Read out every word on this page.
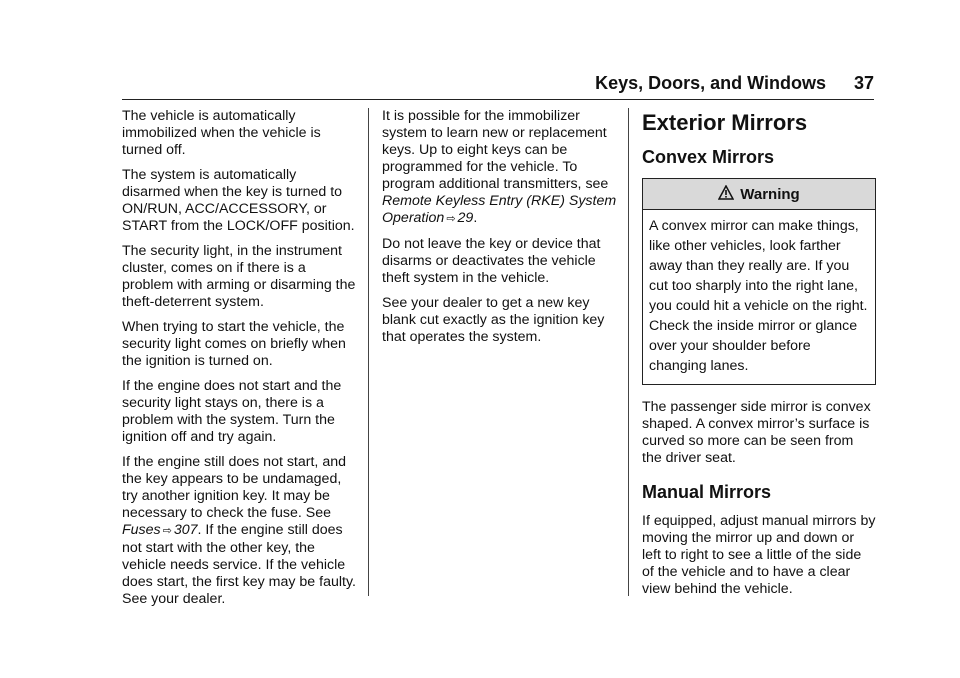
Keys, Doors, and Windows 37

The vehicle is automatically immobilized when the vehicle is turned off.

The system is automatically disarmed when the key is turned to ON/RUN, ACC/ACCESSORY, or START from the LOCK/OFF position.

The security light, in the instrument cluster, comes on if there is a problem with arming or disarming the theft-deterrent system.

When trying to start the vehicle, the security light comes on briefly when the ignition is turned on.

If the engine does not start and the security light stays on, there is a problem with the system. Turn the ignition off and try again.

If the engine still does not start, and the key appears to be undamaged, try another ignition key. It may be necessary to check the fuse. See Fuses ⇨ 307. If the engine still does not start with the other key, the vehicle needs service. If the vehicle does start, the first key may be faulty. See your dealer.

It is possible for the immobilizer system to learn new or replacement keys. Up to eight keys can be programmed for the vehicle. To program additional transmitters, see Remote Keyless Entry (RKE) System Operation ⇨ 29.

Do not leave the key or device that disarms or deactivates the vehicle theft system in the vehicle.

See your dealer to get a new key blank cut exactly as the ignition key that operates the system.

Exterior Mirrors
Convex Mirrors
Warning
A convex mirror can make things, like other vehicles, look farther away than they really are. If you cut too sharply into the right lane, you could hit a vehicle on the right. Check the inside mirror or glance over your shoulder before changing lanes.

The passenger side mirror is convex shaped. A convex mirror’s surface is curved so more can be seen from the driver seat.

Manual Mirrors

If equipped, adjust manual mirrors by moving the mirror up and down or left to right to see a little of the side of the vehicle and to have a clear view behind the vehicle.
